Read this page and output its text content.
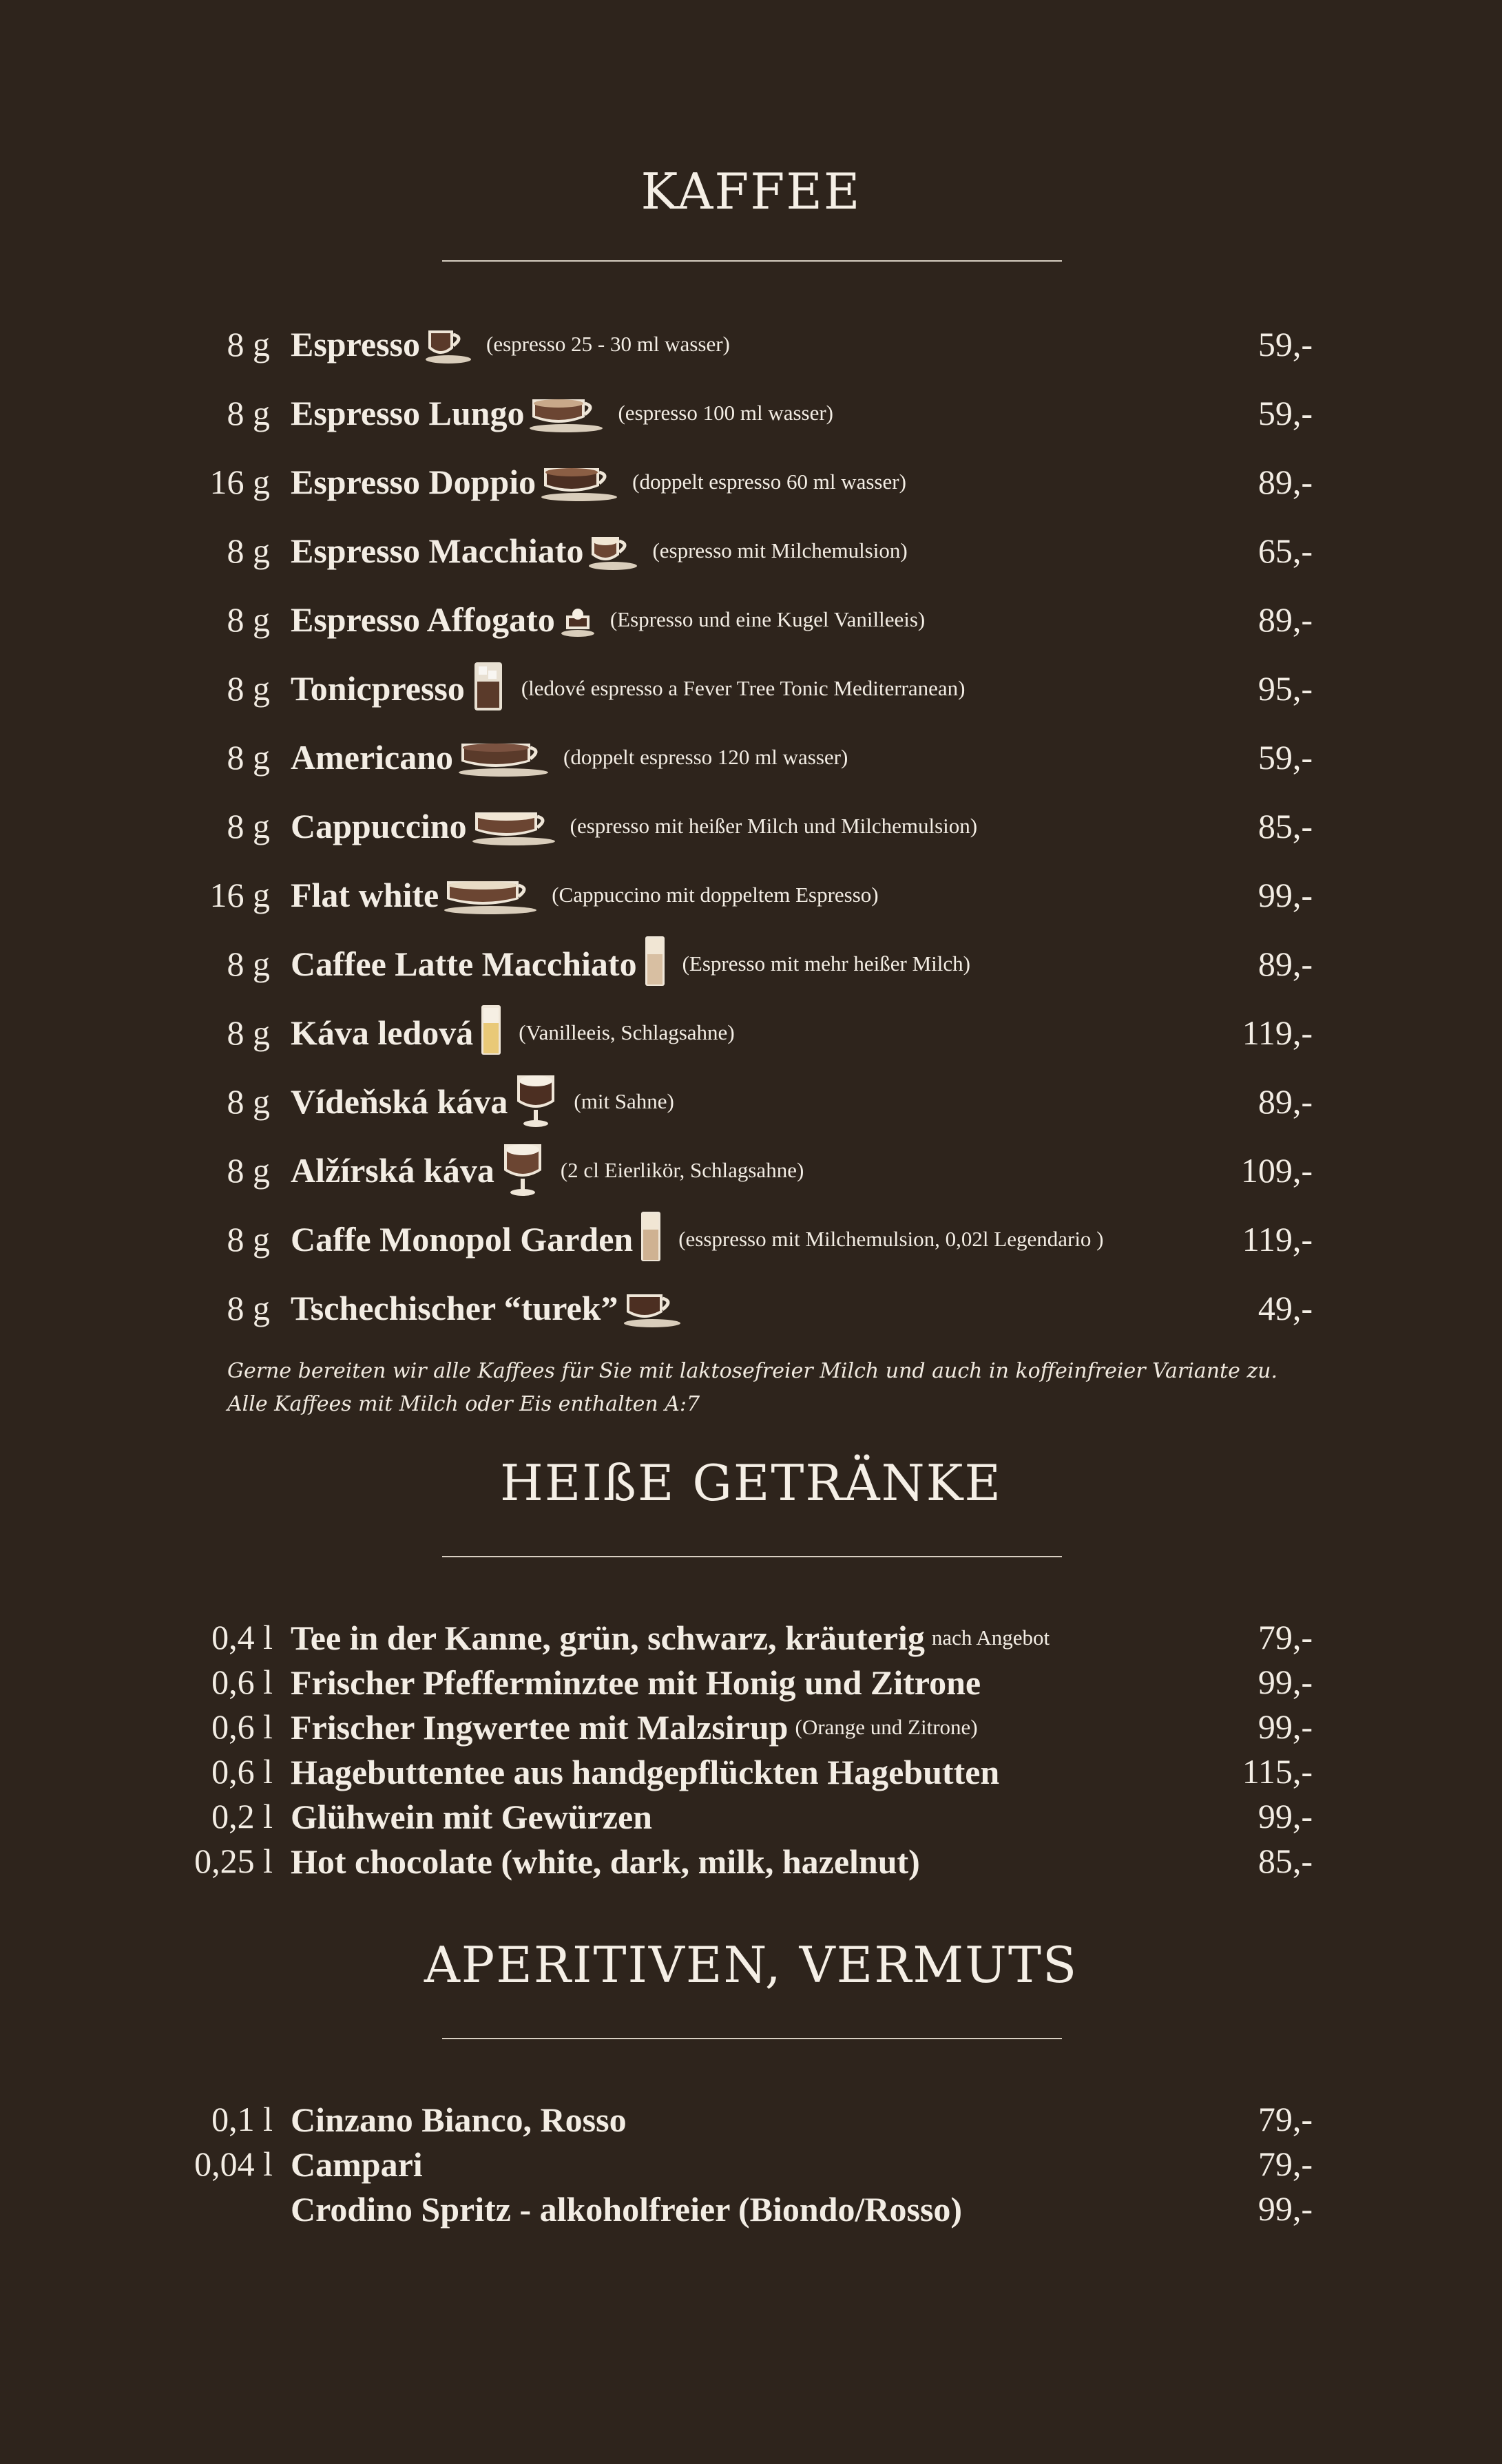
KAFFEE
8 g Espresso	(espresso 25 - 30 ml wasser)	59,-
8 g Espresso Lungo	(espresso 100 ml wasser)	59,-
16 g Espresso Doppio	(doppelt espresso 60 ml wasser)	89,-
8 g Espresso Macchiato	(espresso mit Milchemulsion)	65,-
8 g Espresso Affogato	(Espresso und eine Kugel Vanilleeis)	89,-
8 g Tonicpresso	(ledové espresso a Fever Tree Tonic Mediterranean)	95,-
8 g Americano	(doppelt espresso 120 ml wasser)	59,-
8 g Cappuccino	(espresso mit heißer Milch und Milchemulsion)	85,-
16 g Flat white	(Cappuccino mit doppeltem Espresso)	99,-
8 g Caffee Latte Macchiato (Espresso mit mehr heißer Milch)	89,-
8 g Káva ledová (Vanilleeis, Schlagsahne)	119,-
8 g Vídeňská káva	(mit Sahne)	89,-
8 g Alžírská káva	(2 cl Eierlikör, Schlagsahne)	109,-
8 g Caffe Monopol Garden (esspresso mit Milchemulsion, 0,02l Legendario )	119,-
8 g Tschechischer “turek”	49,-
Gerne bereiten wir alle Kaffees für Sie mit laktosefreier Milch und auch in koffeinfreier Variante zu.
Alle Kaffees mit Milch oder Eis enthalten A:7
HEIßE GETRÄNKE
0,4 l Tee in der Kanne, grün, schwarz, kräuterig nach Angebot	79,-
0,6 l Frischer Pfefferminztee mit Honig und Zitrone	99,-
0,6 l Frischer Ingwertee mit Malzsirup (Orange und Zitrone)	99,-
0,6 l Hagebuttentee aus handgepflückten Hagebutten	115,-
0,2 l Glühwein mit Gewürzen	99,-
0,25 l Hot chocolate (white, dark, milk, hazelnut)	85,-
APERITIVEN, VERMUTS
0,1 l Cinzano Bianco, Rosso	79,-
0,04 l Campari	79,-
Crodino Spritz - alkoholfreier (Biondo/Rosso)	99,-
